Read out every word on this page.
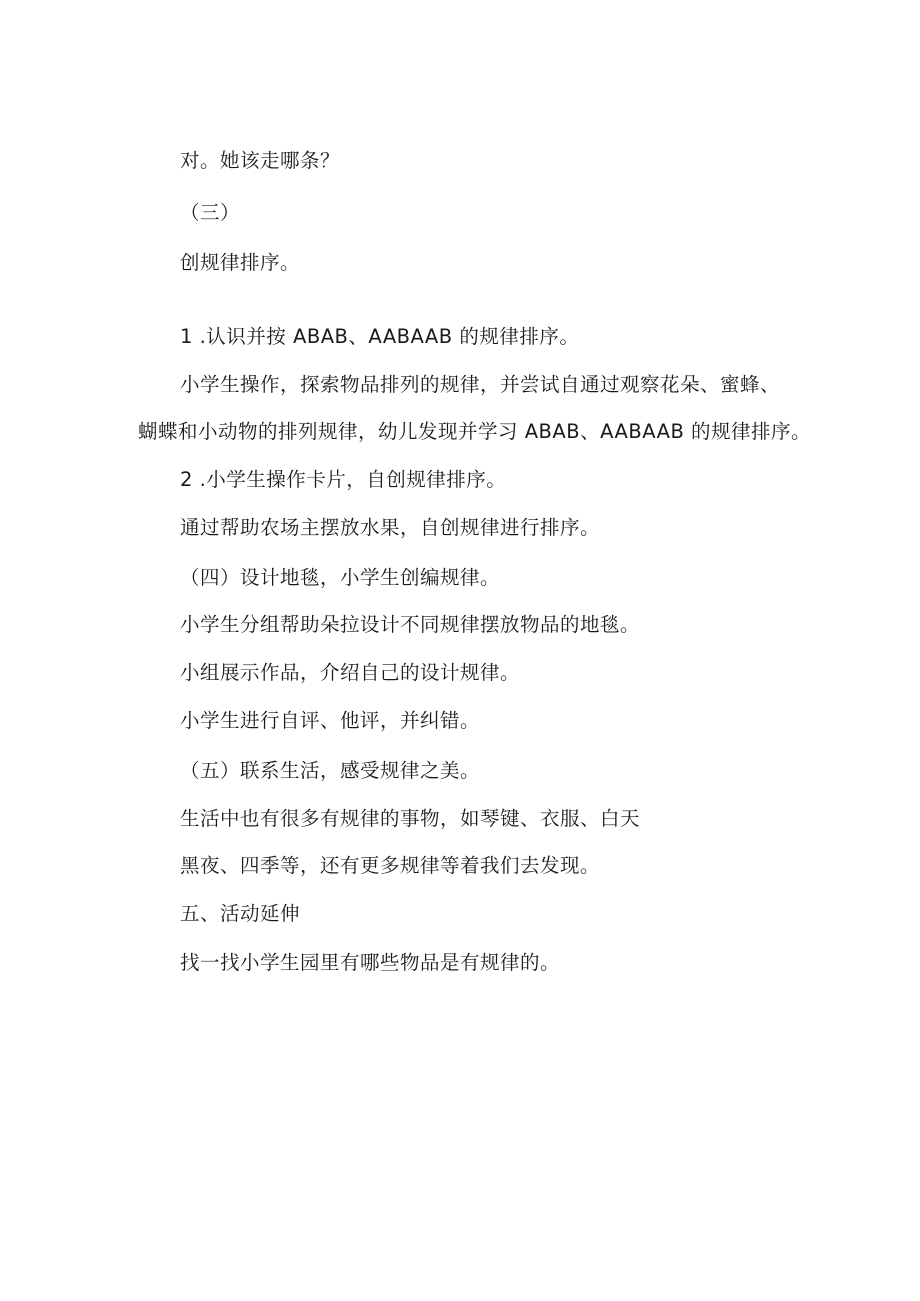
对。她该走哪条？
（三）
创规律排序。
1 .认识并按 ABAB、AABAAB 的规律排序。
小学生操作，探索物品排列的规律，并尝试自通过观察花朵、蜜蜂、
蝴蝶和小动物的排列规律，幼儿发现并学习 ABAB、AABAAB 的规律排序。
2 .小学生操作卡片，自创规律排序。
通过帮助农场主摆放水果，自创规律进行排序。
（四）设计地毯，小学生创编规律。
小学生分组帮助朵拉设计不同规律摆放物品的地毯。
小组展示作品，介绍自己的设计规律。
小学生进行自评、他评，并纠错。
（五）联系生活，感受规律之美。
生活中也有很多有规律的事物，如琴键、衣服、白天
黑夜、四季等，还有更多规律等着我们去发现。
五、活动延伸
找一找小学生园里有哪些物品是有规律的。
